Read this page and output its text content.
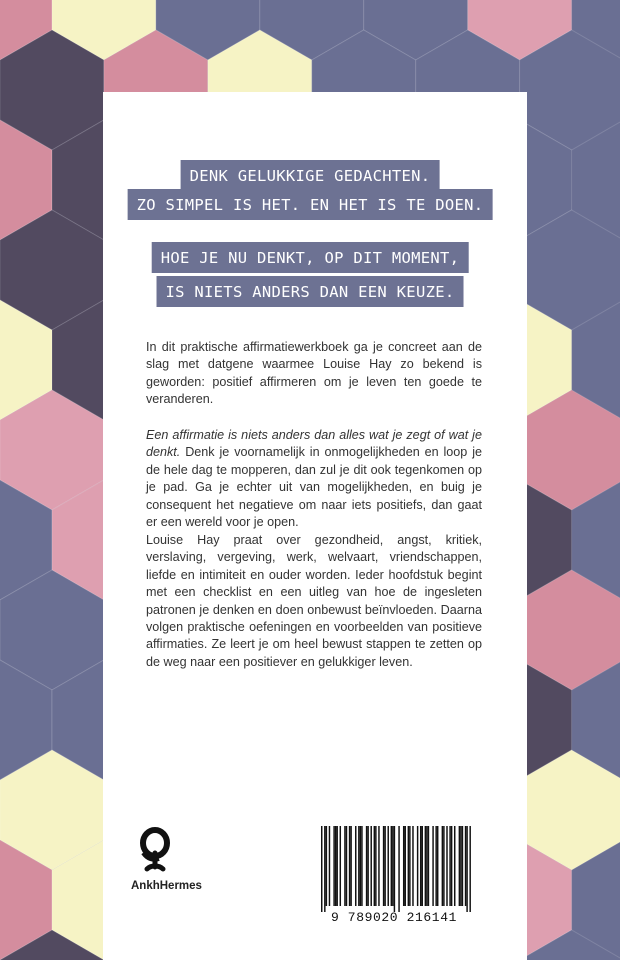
DENK GELUKKIGE GEDACHTEN.
ZO SIMPEL IS HET. EN HET IS TE DOEN.
HOE JE NU DENKT, OP DIT MOMENT,
IS NIETS ANDERS DAN EEN KEUZE.

In dit praktische affirmatiewerkboek ga je concreet aan de slag met datgene waarmee Louise Hay zo bekend is geworden: positief affirmeren om je leven ten goede te veranderen.

Een affirmatie is niets anders dan alles wat je zegt of wat je denkt. Denk je voornamelijk in onmogelijkheden en loop je de hele dag te mopperen, dan zul je dit ook tegenkomen op je pad. Ga je echter uit van mogelijkheden, en buig je consequent het negatieve om naar iets positiefs, dan gaat er een wereld voor je open.

Louise Hay praat over gezondheid, angst, kritiek, verslaving, vergeving, werk, welvaart, vriendschappen, liefde en intimiteit en ouder worden. Ieder hoofdstuk begint met een checklist en een uitleg van hoe de ingesleten patronen je denken en doen onbewust beïnvloeden. Daarna volgen praktische oefeningen en voorbeelden van positieve affirmaties. Ze leert je om heel bewust stappen te zetten op de weg naar een positiever en gelukkiger leven.

AnkhHermes
9 789020 216141
